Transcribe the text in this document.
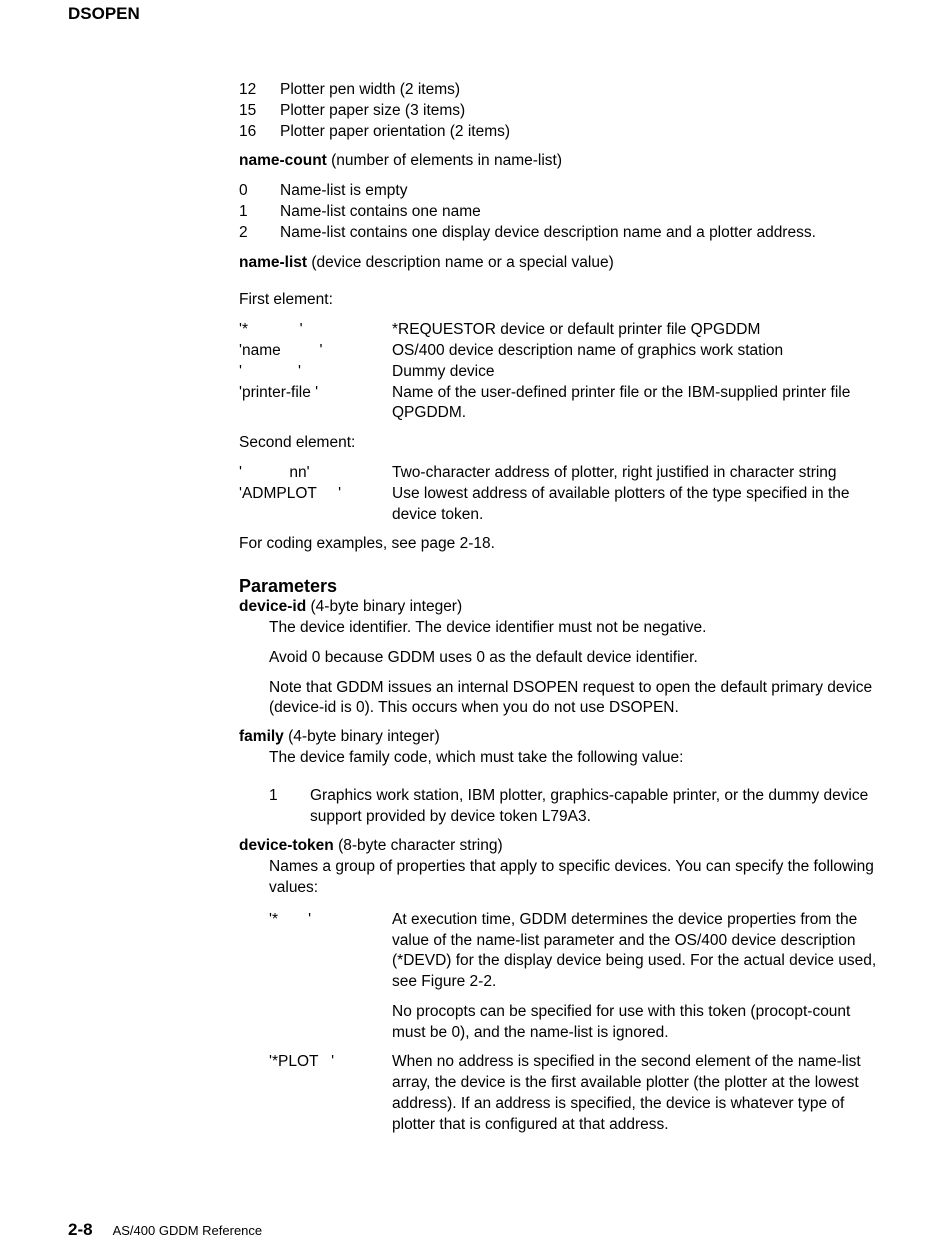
DSOPEN
12	Plotter pen width (2 items)
15	Plotter paper size (3 items)
16	Plotter paper orientation (2 items)
name-count (number of elements in name-list)
0	Name-list is empty
1	Name-list contains one name
2	Name-list contains one display device description name and a plotter address.
name-list (device description name or a special value)
First element:
'*            '	*REQUESTOR device or default printer file QPGDDM
'name         '	OS/400 device description name of graphics work station
'             '	Dummy device
'printer-file '	Name of the user-defined printer file or the IBM-supplied printer file QPGDDM.
Second element:
'           nn'	Two-character address of plotter, right justified in character string
'ADMPLOT     '	Use lowest address of available plotters of the type specified in the device token.
For coding examples, see page 2-18.
Parameters
device-id (4-byte binary integer)
The device identifier. The device identifier must not be negative.
Avoid 0 because GDDM uses 0 as the default device identifier.
Note that GDDM issues an internal DSOPEN request to open the default primary device (device-id is 0). This occurs when you do not use DSOPEN.
family (4-byte binary integer)
The device family code, which must take the following value:
1	Graphics work station, IBM plotter, graphics-capable printer, or the dummy device support provided by device token L79A3.
device-token (8-byte character string)
Names a group of properties that apply to specific devices. You can specify the following values:
'*       '	At execution time, GDDM determines the device properties from the value of the name-list parameter and the OS/400 device description (*DEVD) for the display device being used. For the actual device used, see Figure 2-2.
No procopts can be specified for use with this token (procopt-count must be 0), and the name-list is ignored.
'*PLOT   '	When no address is specified in the second element of the name-list array, the device is the first available plotter (the plotter at the lowest address). If an address is specified, the device is whatever type of plotter that is configured at that address.
2-8 AS/400 GDDM Reference
